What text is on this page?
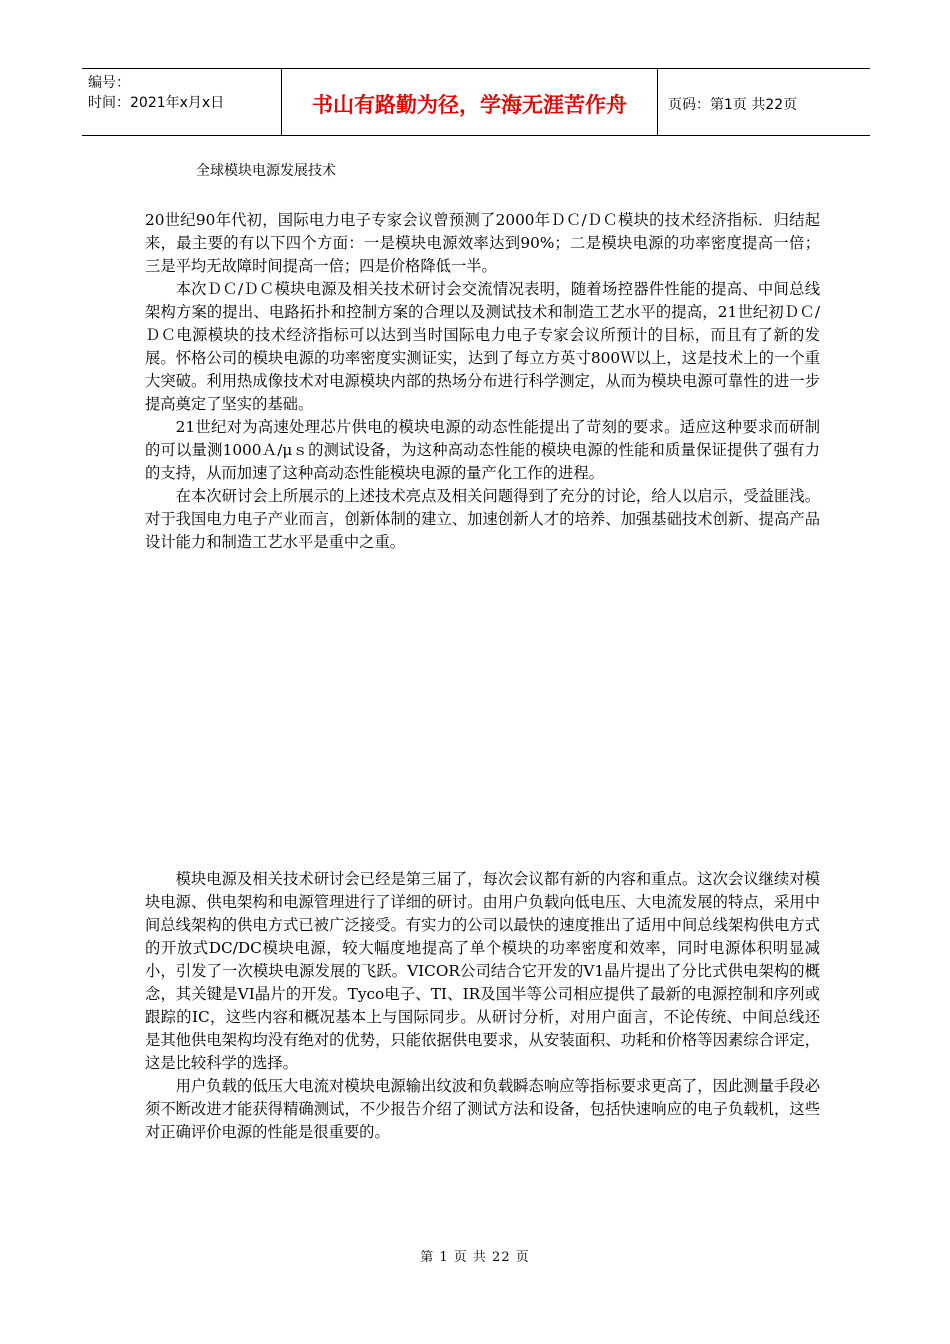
编号：
时间：2021年x月x日	书山有路勤为径，学海无涯苦作舟	页码：第1页 共22页
全球模块电源发展技术

20世纪90年代初，国际电力电子专家会议曾预测了2000年ＤＣ/ＤＣ模块的技术经济指标．归结起来，最主要的有以下四个方面：一是模块电源效率达到90%；二是模块电源的功率密度提高一倍；三是平均无故障时间提高一倍；四是价格降低一半。

本次ＤＣ/ＤＣ模块电源及相关技术研讨会交流情况表明，随着场控器件性能的提高、中间总线架构方案的提出、电路拓扑和控制方案的合理以及测试技术和制造工艺水平的提高，21世纪初ＤＣ/ＤＣ电源模块的技术经济指标可以达到当时国际电力电子专家会议所预计的目标，而且有了新的发展。怀格公司的模块电源的功率密度实测证实，达到了每立方英寸800Ｗ以上，这是技术上的一个重大突破。利用热成像技术对电源模块内部的热场分布进行科学测定，从而为模块电源可靠性的进一步提高奠定了坚实的基础。

21世纪对为高速处理芯片供电的模块电源的动态性能提出了苛刻的要求。适应这种要求而研制的可以量测1000Ａ/μｓ的测试设备，为这种高动态性能的模块电源的性能和质量保证提供了强有力的支持，从而加速了这种高动态性能模块电源的量产化工作的进程。

在本次研讨会上所展示的上述技术亮点及相关问题得到了充分的讨论，给人以启示，受益匪浅。对于我国电力电子产业而言，创新体制的建立、加速创新人才的培养、加强基础技术创新、提高产品设计能力和制造工艺水平是重中之重。

模块电源及相关技术研讨会已经是第三届了，每次会议都有新的内容和重点。这次会议继续对模块电源、供电架构和电源管理进行了详细的研讨。由用户负载向低电压、大电流发展的特点，采用中间总线架构的供电方式已被广泛接受。有实力的公司以最快的速度推出了适用中间总线架构供电方式的开放式DC/DC模块电源，较大幅度地提高了单个模块的功率密度和效率，同时电源体积明显减小，引发了一次模块电源发展的飞跃。VICOR公司结合它开发的V1晶片提出了分比式供电架构的概念，其关键是VI晶片的开发。Tyco电子、TI、IR及国半等公司相应提供了最新的电源控制和序列或跟踪的IC，这些内容和概况基本上与国际同步。从研讨分析，对用户面言，不论传统、中间总线还是其他供电架构均没有绝对的优势，只能依据供电要求，从安装面积、功耗和价格等因素综合评定，这是比较科学的选择。

用户负载的低压大电流对模块电源输出纹波和负载瞬态响应等指标要求更高了，因此测量手段必须不断改进才能获得精确测试，不少报告介绍了测试方法和设备，包括快速响应的电子负载机，这些对正确评价电源的性能是很重要的。

第 1 页 共 22 页
